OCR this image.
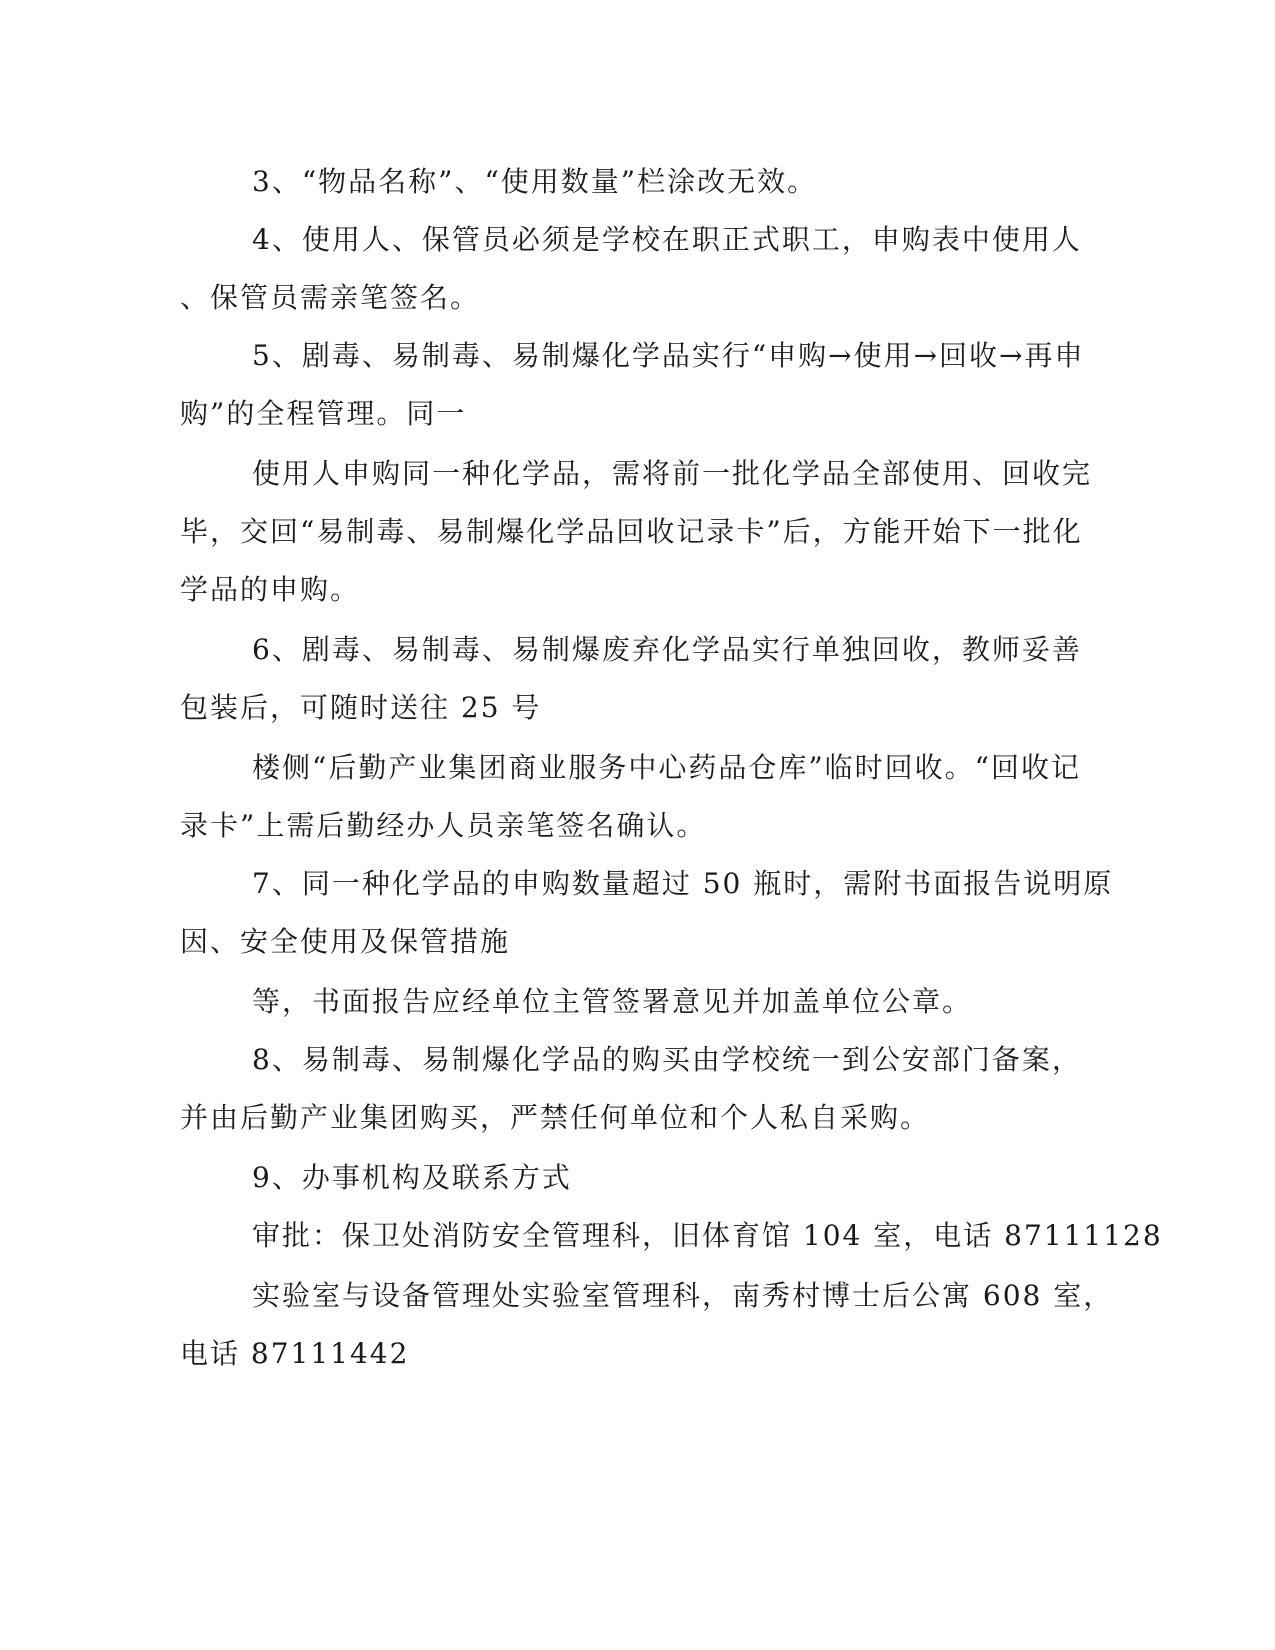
3、“物品名称”、“使用数量”栏涂改无效。
4、使用人、保管员必须是学校在职正式职工，申购表中使用人
、保管员需亲笔签名。
5、剧毒、易制毒、易制爆化学品实行“申购→使用→回收→再申
购”的全程管理。同一
使用人申购同一种化学品，需将前一批化学品全部使用、回收完
毕，交回“易制毒、易制爆化学品回收记录卡”后，方能开始下一批化
学品的申购。
6、剧毒、易制毒、易制爆废弃化学品实行单独回收，教师妥善
包装后，可随时送往 25 号
楼侧“后勤产业集团商业服务中心药品仓库”临时回收。“回收记
录卡”上需后勤经办人员亲笔签名确认。
7、同一种化学品的申购数量超过 50 瓶时，需附书面报告说明原
因、安全使用及保管措施
等，书面报告应经单位主管签署意见并加盖单位公章。
8、易制毒、易制爆化学品的购买由学校统一到公安部门备案，
并由后勤产业集团购买，严禁任何单位和个人私自采购。
9、办事机构及联系方式
审批：保卫处消防安全管理科，旧体育馆 104 室，电话 87111128
实验室与设备管理处实验室管理科，南秀村博士后公寓 608 室，
电话 87111442
